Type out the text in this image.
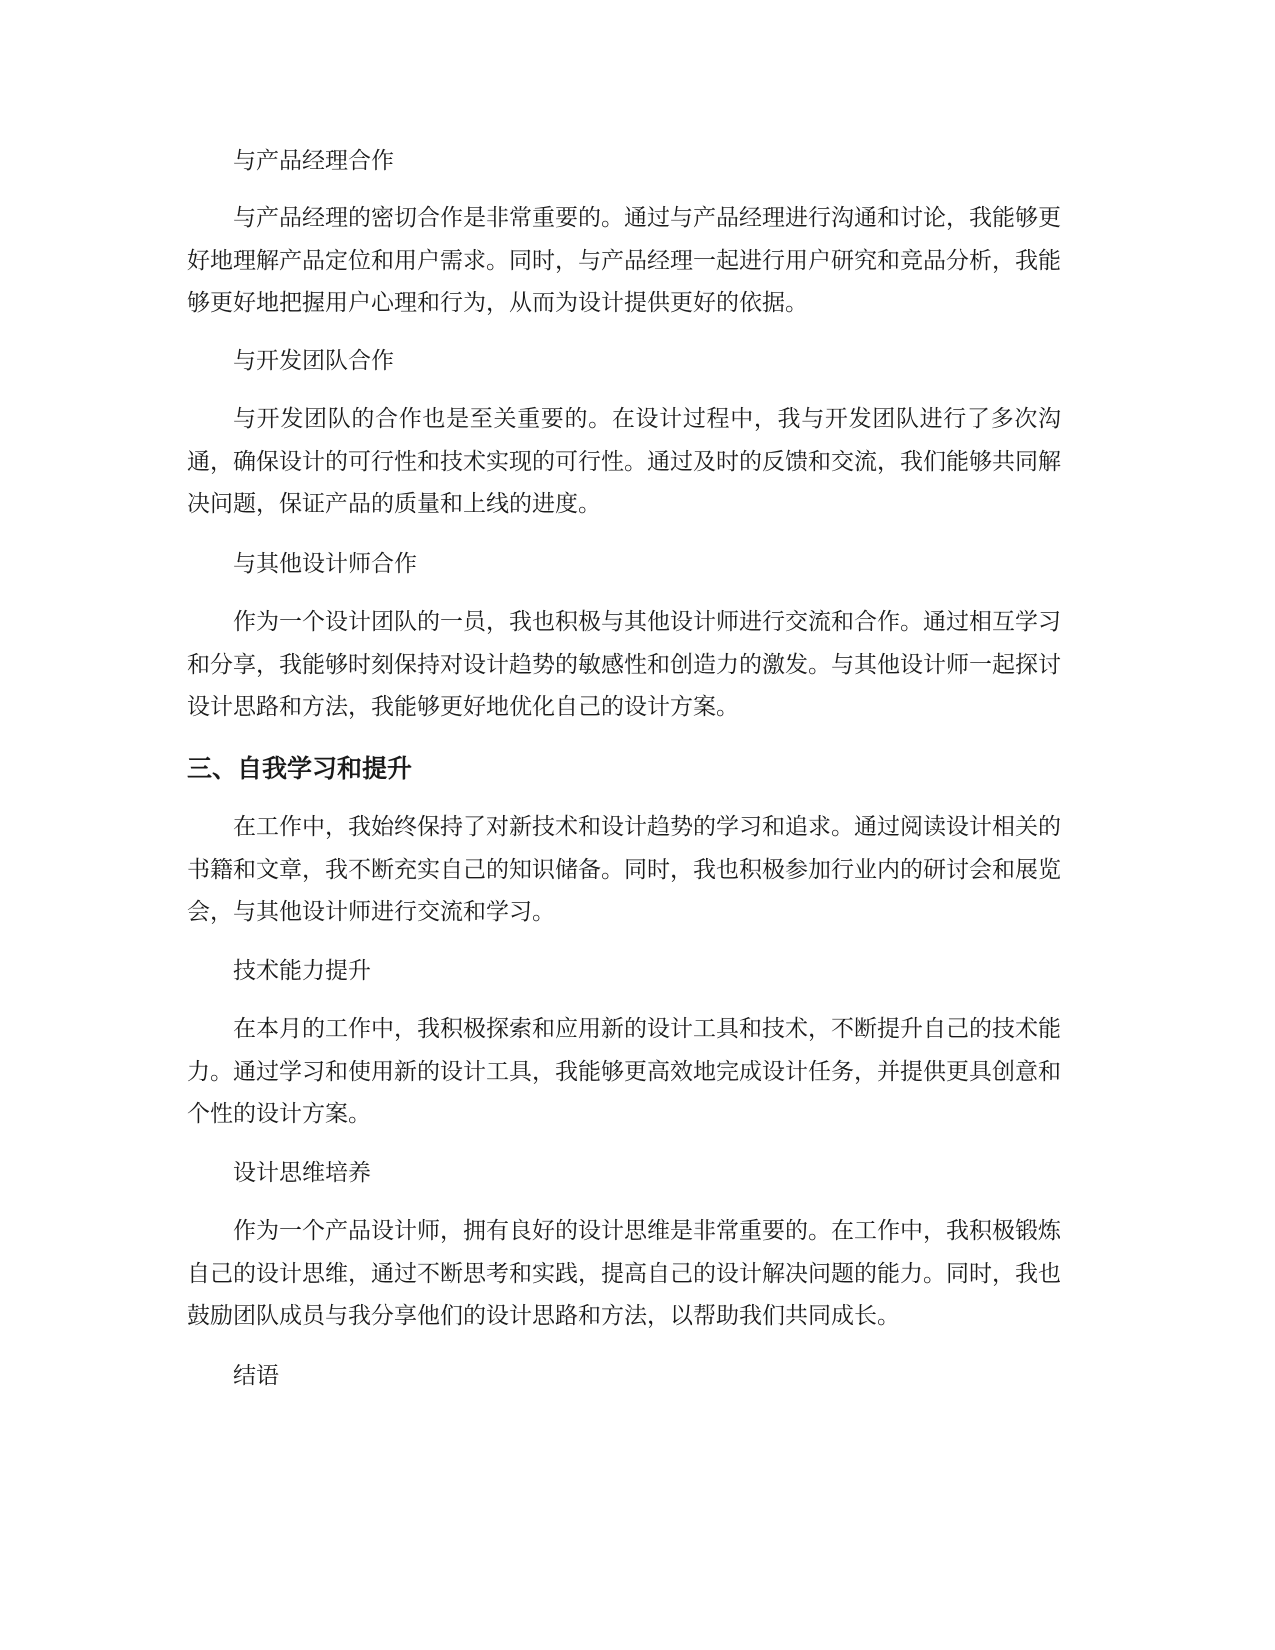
与产品经理合作

与产品经理的密切合作是非常重要的。通过与产品经理进行沟通和讨论，我能够更好地理解产品定位和用户需求。同时，与产品经理一起进行用户研究和竞品分析，我能够更好地把握用户心理和行为，从而为设计提供更好的依据。

与开发团队合作

与开发团队的合作也是至关重要的。在设计过程中，我与开发团队进行了多次沟通，确保设计的可行性和技术实现的可行性。通过及时的反馈和交流，我们能够共同解决问题，保证产品的质量和上线的进度。

与其他设计师合作

作为一个设计团队的一员，我也积极与其他设计师进行交流和合作。通过相互学习和分享，我能够时刻保持对设计趋势的敏感性和创造力的激发。与其他设计师一起探讨设计思路和方法，我能够更好地优化自己的设计方案。

三、自我学习和提升

在工作中，我始终保持了对新技术和设计趋势的学习和追求。通过阅读设计相关的书籍和文章，我不断充实自己的知识储备。同时，我也积极参加行业内的研讨会和展览会，与其他设计师进行交流和学习。

技术能力提升

在本月的工作中，我积极探索和应用新的设计工具和技术，不断提升自己的技术能力。通过学习和使用新的设计工具，我能够更高效地完成设计任务，并提供更具创意和个性的设计方案。

设计思维培养

作为一个产品设计师，拥有良好的设计思维是非常重要的。在工作中，我积极锻炼自己的设计思维，通过不断思考和实践，提高自己的设计解决问题的能力。同时，我也鼓励团队成员与我分享他们的设计思路和方法，以帮助我们共同成长。

结语
